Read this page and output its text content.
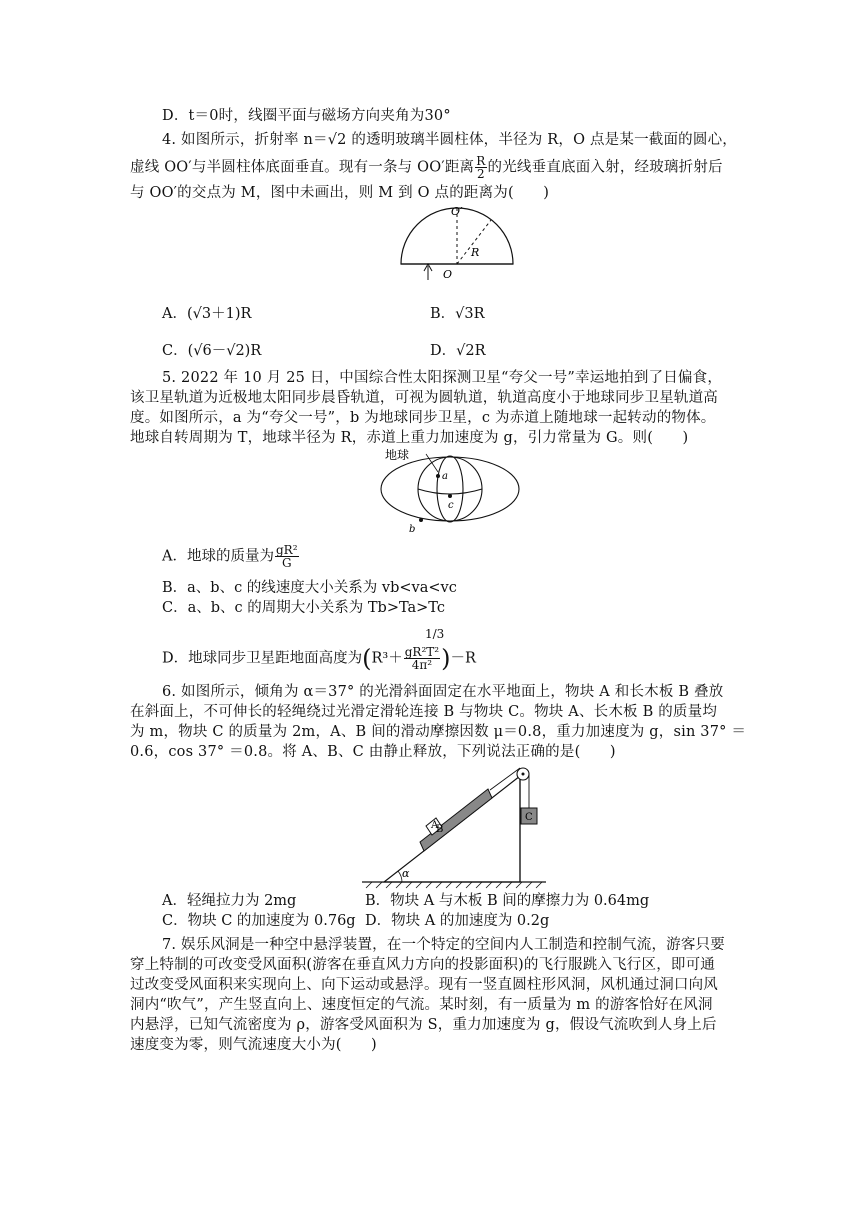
D．t＝0时，线圈平面与磁场方向夹角为30°
4. 如图所示，折射率 n＝√2 的透明玻璃半圆柱体，半径为 R，O 点是某一截面的圆心，
虚线 OO′与半圆柱体底面垂直。现有一条与 OO′距离 $\frac{R}{2}$ 的光线垂直底面入射，经玻璃折射后
与 OO′的交点为 M，图中未画出，则 M 到 O 点的距离为(　　)
O′
O
R
A．(√3＋1)R	B．√3R
C．(√6－√2)R	D．√2R
5. 2022 年 10 月 25 日，中国综合性太阳探测卫星“夸父一号”幸运地拍到了日偏食，
该卫星轨道为近极地太阳同步晨昏轨道，可视为圆轨道，轨道高度小于地球同步卫星轨道高
度。如图所示，a 为“夸父一号”，b 为地球同步卫星，c 为赤道上随地球一起转动的物体。
地球自转周期为 T，地球半径为 R，赤道上重力加速度为 g，引力常量为 G。则(　　)
地球
a
c
b
A．地球的质量为 $\frac{\text{gR²}}{G}$
B．a、b、c 的线速度大小关系为 vb<va<vc
C．a、b、c 的周期大小关系为 Tb>Ta>Tc
1/3
D．地球同步卫星距地面高度为$(R^3+ \frac{\text{gR²T²}}{\text{4π²}} )-R$
6. 如图所示，倾角为 α＝37° 的光滑斜面固定在水平地面上，物块 A 和长木板 B 叠放
在斜面上，不可伸长的轻绳绕过光滑定滑轮连接 B 与物块 C。物块 A、长木板 B 的质量均
为 m，物块 C 的质量为 2m，A、B 间的滑动摩擦因数 μ＝0.8，重力加速度为 g，sin 37° ＝
0.6，cos 37° ＝0.8。将 A、B、C 由静止释放，下列说法正确的是(　　)
α
A
B
C
A．轻绳拉力为 2mg	B．物块 A 与木板 B 间的摩擦力为 0.64mg
C．物块 C 的加速度为 0.76g D．物块 A 的加速度为 0.2g
7. 娱乐风洞是一种空中悬浮装置，在一个特定的空间内人工制造和控制气流，游客只要
穿上特制的可改变受风面积(游客在垂直风力方向的投影面积)的飞行服跳入飞行区，即可通
过改变受风面积来实现向上、向下运动或悬浮。现有一竖直圆柱形风洞，风机通过洞口向风
洞内“吹气”，产生竖直向上、速度恒定的气流。某时刻，有一质量为 m 的游客恰好在风洞
内悬浮，已知气流密度为 ρ，游客受风面积为 S，重力加速度为 g，假设气流吹到人身上后
速度变为零，则气流速度大小为(　　)
